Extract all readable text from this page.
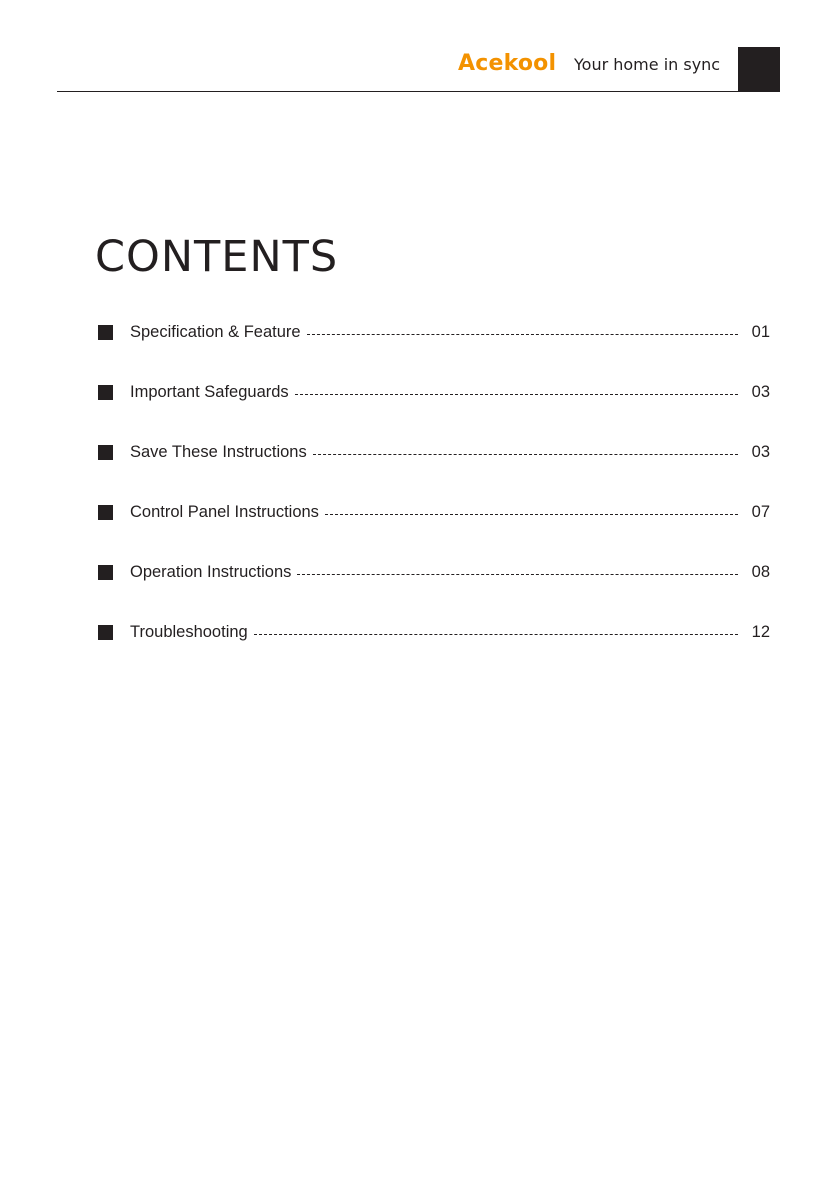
Acekool Your home in sync
CONTENTS
Specification & Feature	01
Important Safeguards	03
Save These Instructions	03
Control Panel Instructions	07
Operation Instructions	08
Troubleshooting	12
